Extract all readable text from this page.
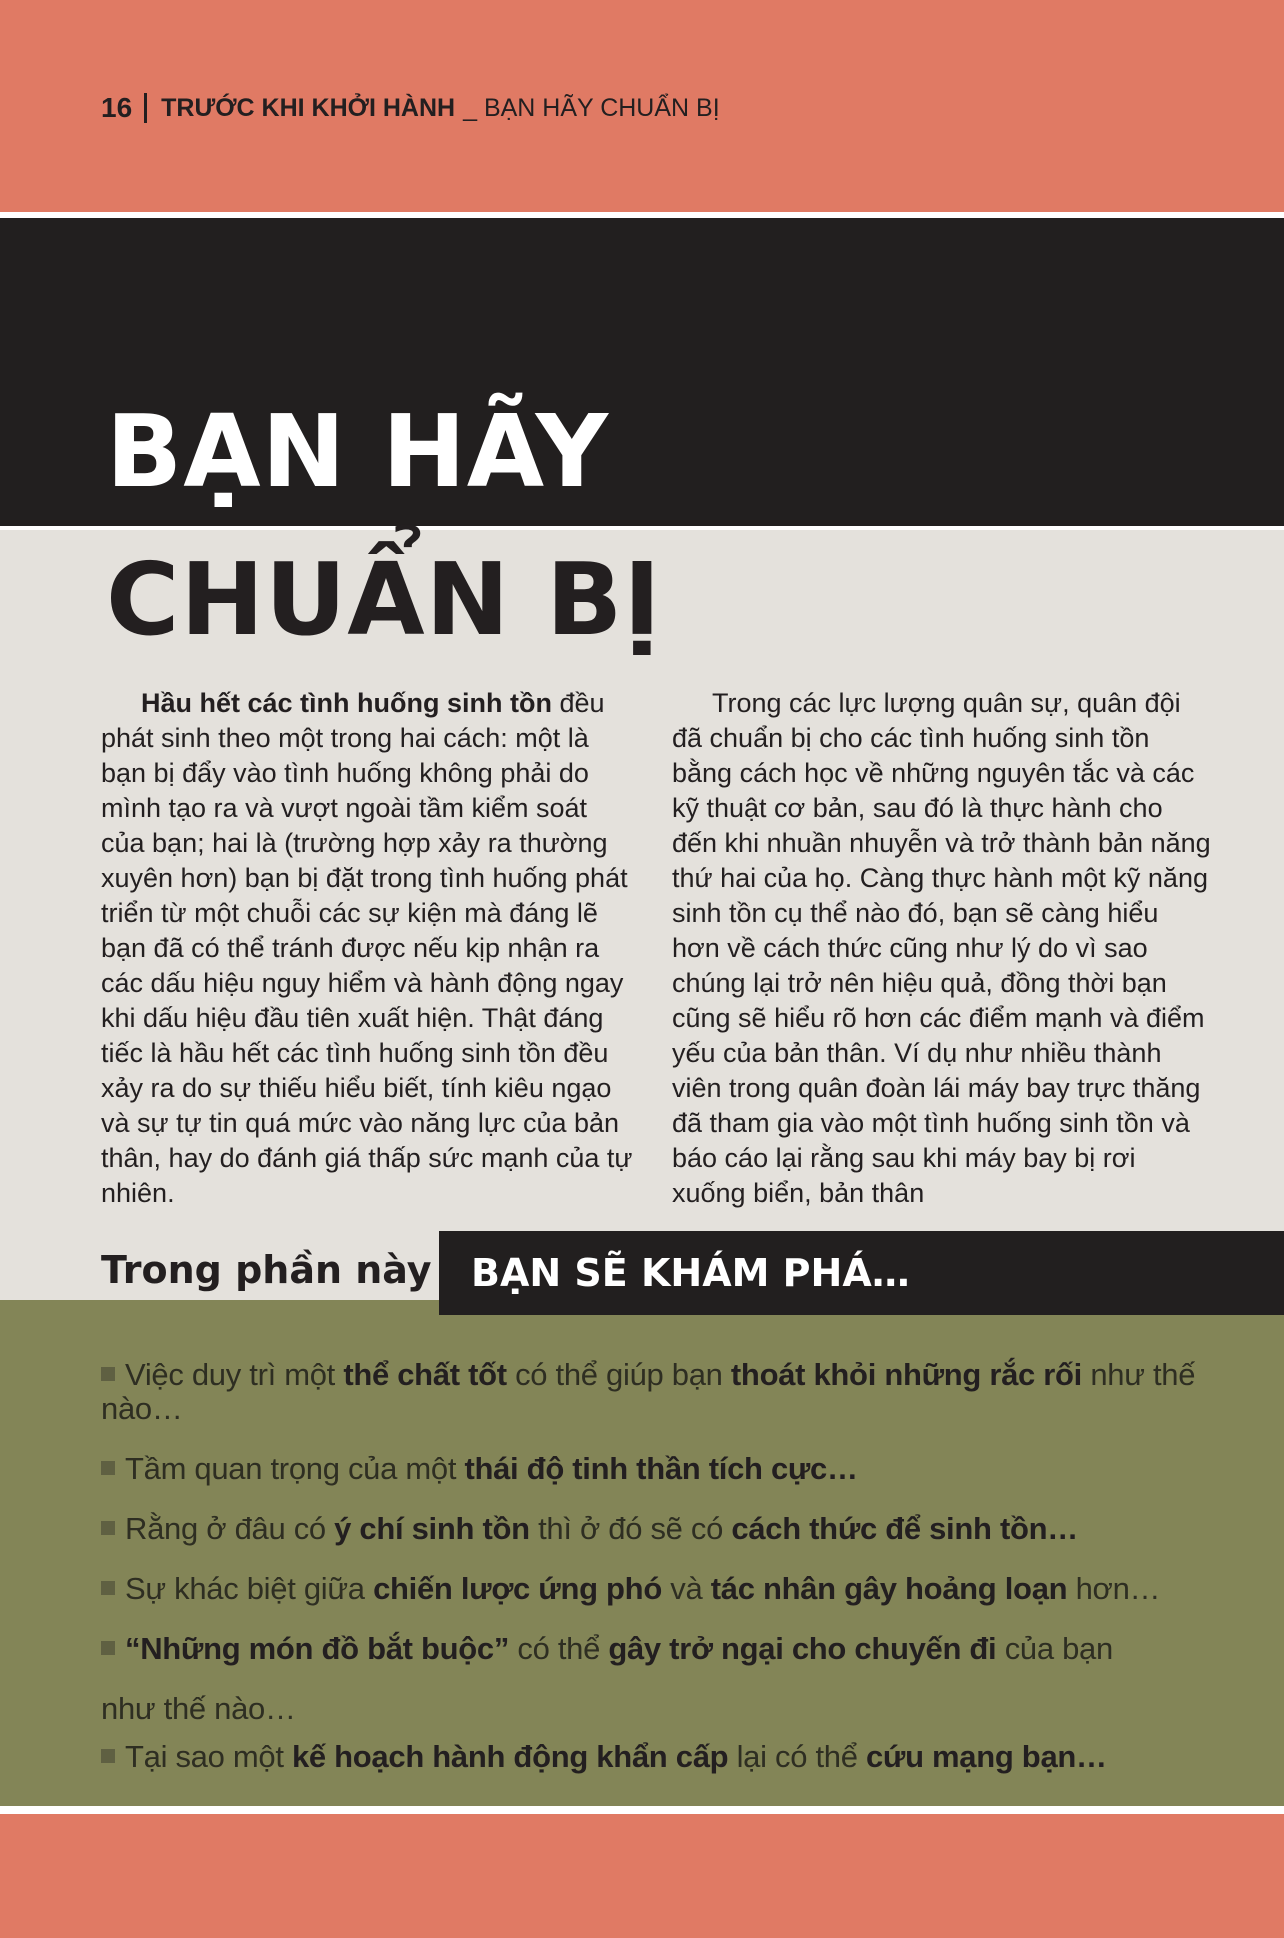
16 TRƯỚC KHI KHỞI HÀNH _ BẠN HÃY CHUẨN BỊ
BẠN HÃY
CHUẨN BỊ

Hầu hết các tình huống sinh tồn đều phát sinh theo một trong hai cách: một là bạn bị đẩy vào tình huống không phải do mình tạo ra và vượt ngoài tầm kiểm soát của bạn; hai là (trường hợp xảy ra thường xuyên hơn) bạn bị đặt trong tình huống phát triển từ một chuỗi các sự kiện mà đáng lẽ bạn đã có thể tránh được nếu kịp nhận ra các dấu hiệu nguy hiểm và hành động ngay khi dấu hiệu đầu tiên xuất hiện. Thật đáng tiếc là hầu hết các tình huống sinh tồn đều xảy ra do sự thiếu hiểu biết, tính kiêu ngạo và sự tự tin quá mức vào năng lực của bản thân, hay do đánh giá thấp sức mạnh của tự nhiên.

Trong các lực lượng quân sự, quân đội đã chuẩn bị cho các tình huống sinh tồn bằng cách học về những nguyên tắc và các kỹ thuật cơ bản, sau đó là thực hành cho đến khi nhuần nhuyễn và trở thành bản năng thứ hai của họ. Càng thực hành một kỹ năng sinh tồn cụ thể nào đó, bạn sẽ càng hiểu hơn về cách thức cũng như lý do vì sao chúng lại trở nên hiệu quả, đồng thời bạn cũng sẽ hiểu rõ hơn các điểm mạnh và điểm yếu của bản thân. Ví dụ như nhiều thành viên trong quân đoàn lái máy bay trực thăng đã tham gia vào một tình huống sinh tồn và báo cáo lại rằng sau khi máy bay bị rơi xuống biển, bản thân

Trong phần này BẠN SẼ KHÁM PHÁ…
Việc duy trì một thể chất tốt có thể giúp bạn thoát khỏi những rắc rối như thế nào…
Tầm quan trọng của một thái độ tinh thần tích cực…
Rằng ở đâu có ý chí sinh tồn thì ở đó sẽ có cách thức để sinh tồn…
Sự khác biệt giữa chiến lược ứng phó và tác nhân gây hoảng loạn hơn…
“Những món đồ bắt buộc” có thể gây trở ngại cho chuyến đi của bạn
như thế nào…
Tại sao một kế hoạch hành động khẩn cấp lại có thể cứu mạng bạn…
